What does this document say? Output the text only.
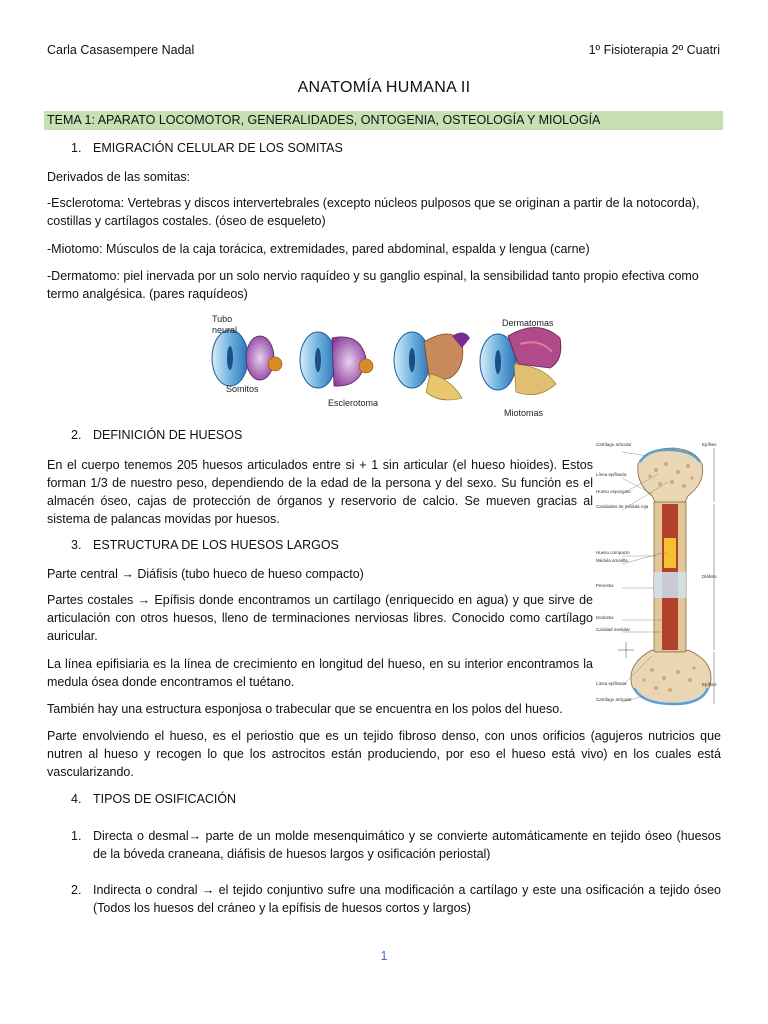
Carla Casasempere Nadal	1º Fisioterapia 2º Cuatri
ANATOMÍA HUMANA II
TEMA 1: APARATO LOCOMOTOR, GENERALIDADES, ONTOGENIA, OSTEOLOGÍA Y MIOLOGÍA
1. EMIGRACIÓN CELULAR DE LOS SOMITAS
Derivados de las somitas:
-Esclerotoma: Vertebras y discos intervertebrales (excepto núcleos pulposos que se originan a partir de la notocorda), costillas y cartílagos costales. (óseo de esqueleto)
-Miotomo: Músculos de la caja torácica, extremidades, pared abdominal, espalda y lengua (carne)
-Dermatomo: piel inervada por un solo nervio raquídeo y su ganglio espinal, la sensibilidad tanto propio efectiva como termo analgésica. (pares raquídeos)
Tubo
neural
Somitos
Esclerotoma
Dermatomas
Miotomas
2. DEFINICIÓN DE HUESOS
En el cuerpo tenemos 205 huesos articulados entre si + 1 sin articular (el hueso hioides). Estos forman 1/3 de nuestro peso, dependiendo de la edad de la persona y del sexo. Su función es el almacén óseo, cajas de protección de órganos y reservorio de calcio. Se mueven gracias al sistema de palancas movidas por huesos.
3. ESTRUCTURA DE LOS HUESOS LARGOS
Parte central → Diáfisis (tubo hueco de hueso compacto)
Partes costales → Epífisis donde encontramos un cartílago (enriquecido en agua) y que sirve de articulación con otros huesos, lleno de terminaciones nerviosas libres. Conocido como cartílago auricular.
La línea epifisiaria es la línea de crecimiento en longitud del hueso, en su interior encontramos la medula ósea donde encontramos el tuétano.
También hay una estructura esponjosa o trabecular que se encuentra en los polos del hueso.
Parte envolviendo el hueso, es el periostio que es un tejido fibroso denso, con unos orificios (agujeros nutricios que nutren al hueso y recogen lo que los astrocitos están produciendo, por eso el hueso está vivo) en los cuales está vascularizando.
Cartílago articular
Línea epifisaria
Hueso esponjoso
Cavidades de médula roja
Hueso compacto
Médula amarilla
Periostio
Endostio
Cavidad medular
Línea epifisaria
Cartílago articular
Epífisis
Diáfisis
Epífisis
4. TIPOS DE OSIFICACIÓN
1. Directa o desmal→ parte de un molde mesenquimático y se convierte automáticamente en tejido óseo (huesos de la bóveda craneana, diáfisis de huesos largos y osificación periostal)
2. Indirecta o condral → el tejido conjuntivo sufre una modificación a cartílago y este una osificación a tejido óseo (Todos los huesos del cráneo y la epífisis de huesos cortos y largos)
1
